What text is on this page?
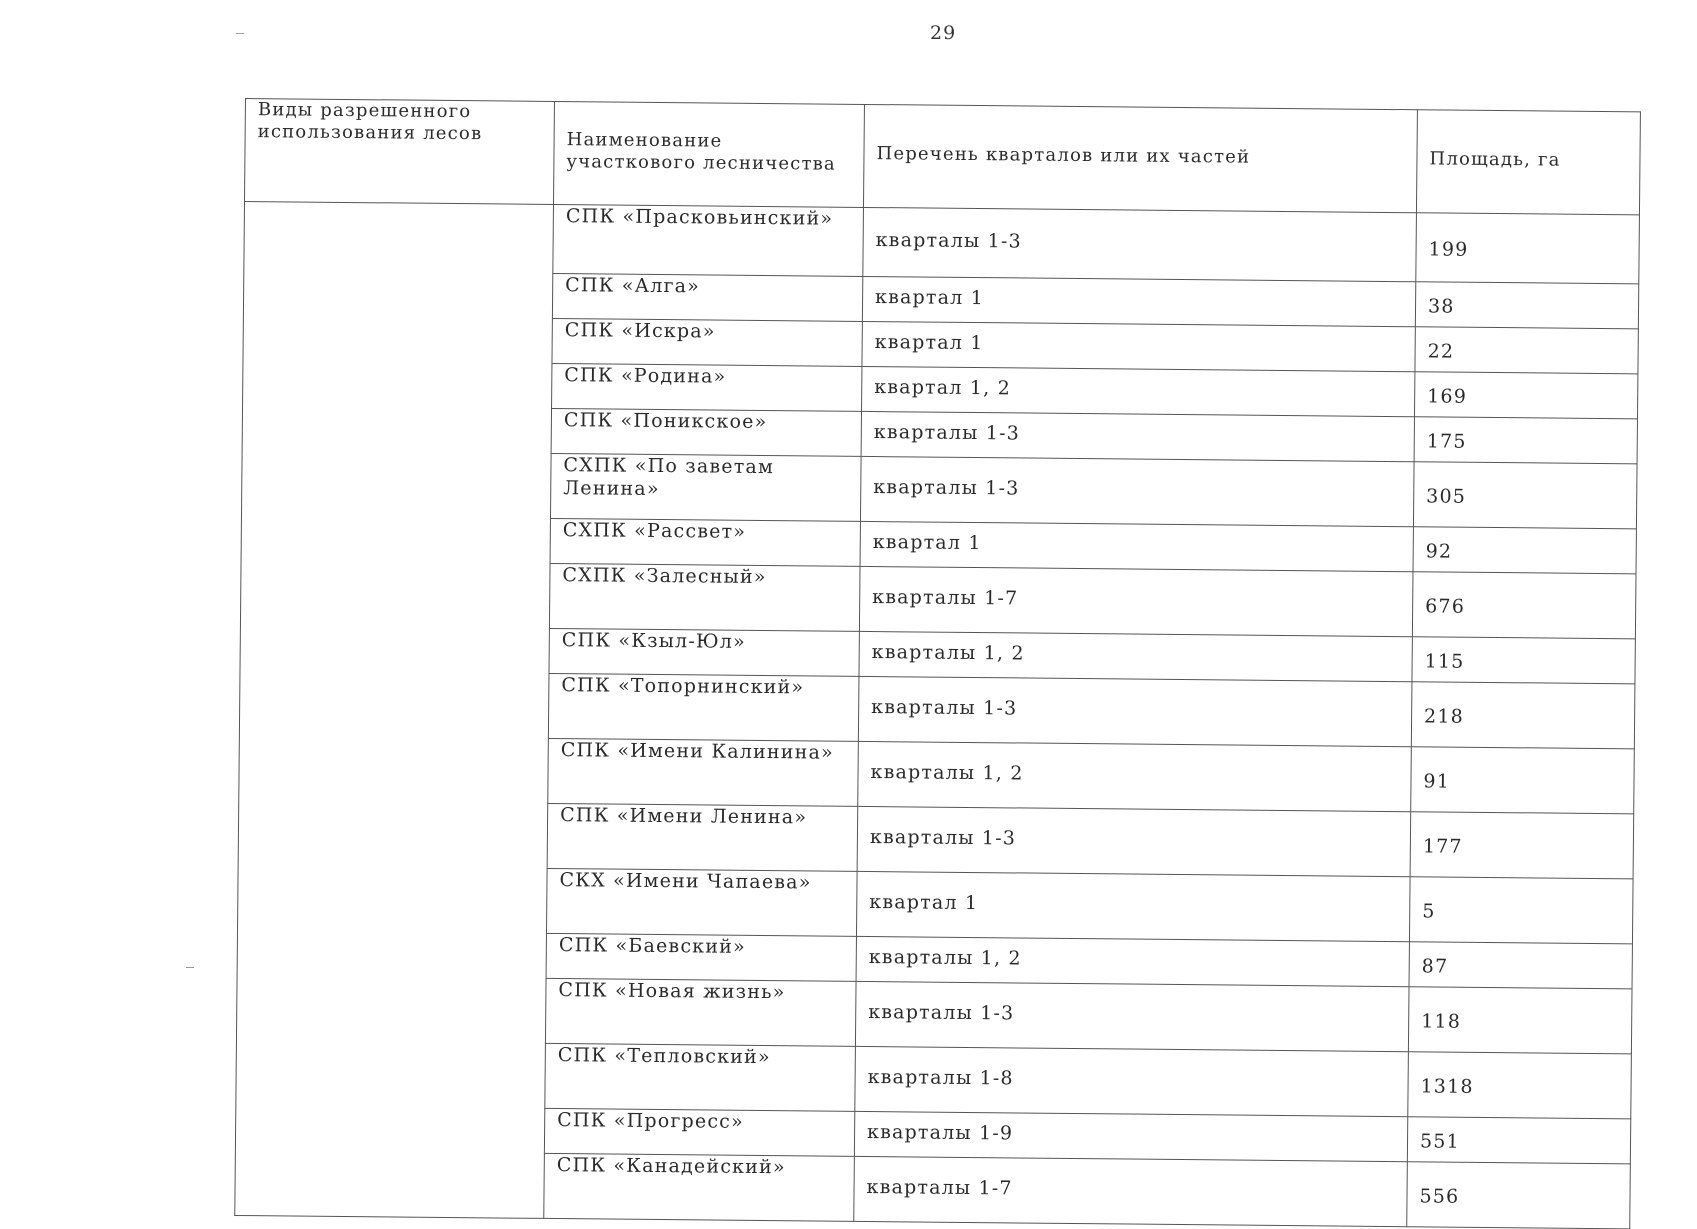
29
Виды разрешенного использования лесов	Наименование участкового лесничества	Перечень кварталов или их частей	Площадь, га
	СПК «Прасковьинский»	кварталы 1-3	199
	СПК «Алга»	квартал 1	38
	СПК «Искра»	квартал 1	22
	СПК «Родина»	квартал 1, 2	169
	СПК «Поникское»	кварталы 1-3	175
	СХПК «По заветам Ленина»	кварталы 1-3	305
	СХПК «Рассвет»	квартал 1	92
	СХПК «Залесный»	кварталы 1-7	676
	СПК «Кзыл-Юл»	кварталы 1, 2	115
	СПК «Топорнинский»	кварталы 1-3	218
	СПК «Имени Калинина»	кварталы 1, 2	91
	СПК «Имени Ленина»	кварталы 1-3	177
	СКХ «Имени Чапаева»	квартал 1	5
	СПК «Баевский»	кварталы 1, 2	87
	СПК «Новая жизнь»	кварталы 1-3	118
	СПК «Тепловский»	кварталы 1-8	1318
	СПК «Прогресс»	кварталы 1-9	551
	СПК «Канадейский»	кварталы 1-7	556
